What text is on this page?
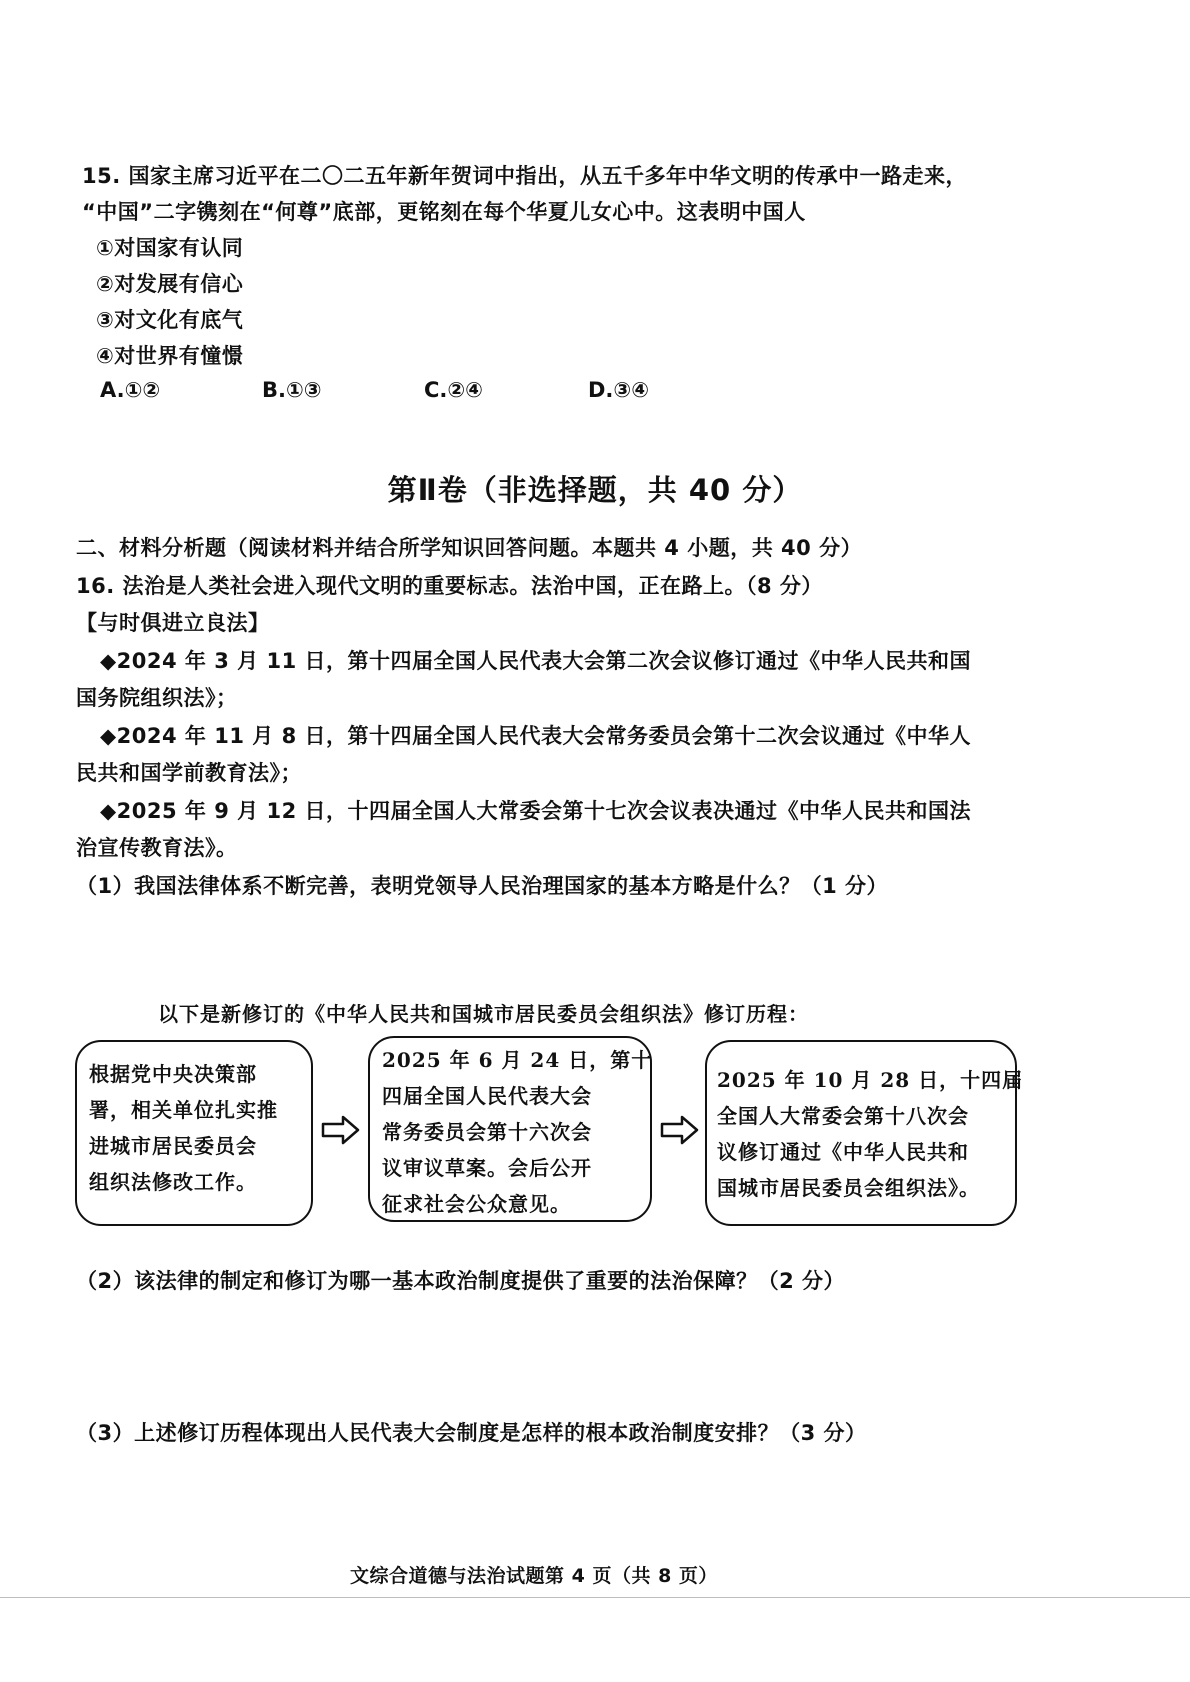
15. 国家主席习近平在二〇二五年新年贺词中指出，从五千多年中华文明的传承中一路走来，
“中国”二字镌刻在“何尊”底部，更铭刻在每个华夏儿女心中。这表明中国人
①对国家有认同
②对发展有信心
③对文化有底气
④对世界有憧憬
A.①②	B.①③	C.②④	D.③④
第Ⅱ卷（非选择题，共 40 分）
二、材料分析题（阅读材料并结合所学知识回答问题。本题共 4 小题，共 40 分）
16. 法治是人类社会进入现代文明的重要标志。法治中国，正在路上。（8 分）
【与时俱进立良法】
◆2024 年 3 月 11 日，第十四届全国人民代表大会第二次会议修订通过《中华人民共和国
国务院组织法》；
◆2024 年 11 月 8 日，第十四届全国人民代表大会常务委员会第十二次会议通过《中华人
民共和国学前教育法》；
◆2025 年 9 月 12 日，十四届全国人大常委会第十七次会议表决通过《中华人民共和国法
治宣传教育法》。
（1）我国法律体系不断完善，表明党领导人民治理国家的基本方略是什么？（1 分）
以下是新修订的《中华人民共和国城市居民委员会组织法》修订历程：
根据党中央决策部
署，相关单位扎实推
进城市居民委员会
组织法修改工作。
2025 年 6 月 24 日，第十
四届全国人民代表大会
常务委员会第十六次会
议审议草案。会后公开
征求社会公众意见。
2025 年 10 月 28 日，十四届
全国人大常委会第十八次会
议修订通过《中华人民共和
国城市居民委员会组织法》。
（2）该法律的制定和修订为哪一基本政治制度提供了重要的法治保障？（2 分）
（3）上述修订历程体现出人民代表大会制度是怎样的根本政治制度安排？（3 分）
文综合道德与法治试题第 4 页（共 8 页）
